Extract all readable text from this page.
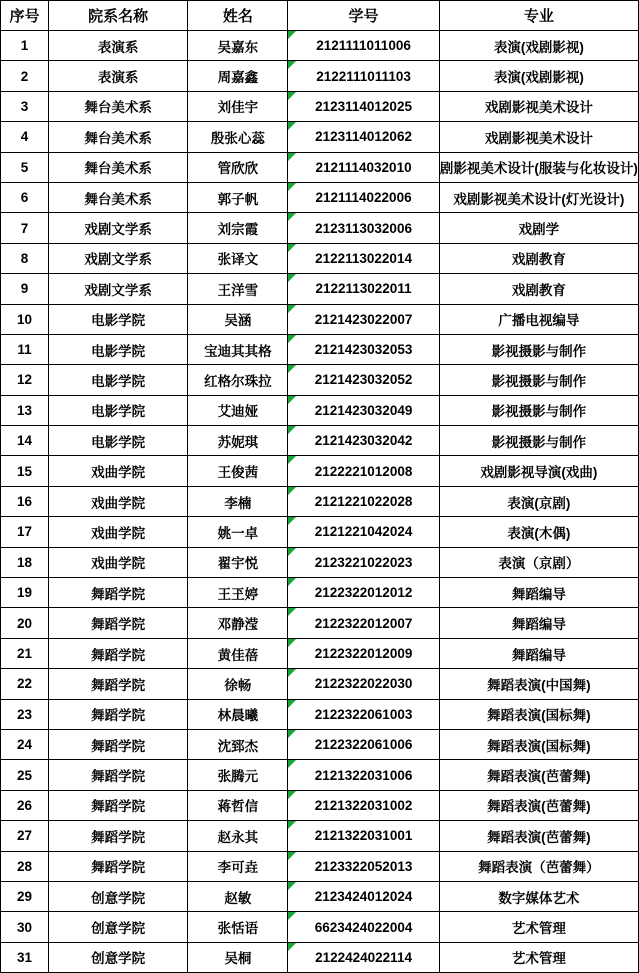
序号	院系名称	姓名	学号	专业
1	表演系	吴嘉东	2121111011006	表演(戏剧影视)
2	表演系	周嘉鑫	2122111011103	表演(戏剧影视)
3	舞台美术系	刘佳宇	2123114012025	戏剧影视美术设计
4	舞台美术系	殷张心蕊	2123114012062	戏剧影视美术设计
5	舞台美术系	管欣欣	2121114032010	剧影视美术设计(服装与化妆设计)
6	舞台美术系	郭子帆	2121114022006	戏剧影视美术设计(灯光设计)
7	戏剧文学系	刘宗霞	2123113032006	戏剧学
8	戏剧文学系	张译文	2122113022014	戏剧教育
9	戏剧文学系	王洋雪	2122113022011	戏剧教育
10	电影学院	吴涵	2121423022007	广播电视编导
11	电影学院	宝迪其其格	2121423032053	影视摄影与制作
12	电影学院	红格尔珠拉	2121423032052	影视摄影与制作
13	电影学院	艾迪娅	2121423032049	影视摄影与制作
14	电影学院	苏妮琪	2121423032042	影视摄影与制作
15	戏曲学院	王俊茜	2122221012008	戏剧影视导演(戏曲)
16	戏曲学院	李楠	2121221022028	表演(京剧)
17	戏曲学院	姚一卓	2121221042024	表演(木偶)
18	戏曲学院	翟宇悦	2123221022023	表演（京剧）
19	舞蹈学院	王玊婷	2122322012012	舞蹈编导
20	舞蹈学院	邓静滢	2122322012007	舞蹈编导
21	舞蹈学院	黄佳蓓	2122322012009	舞蹈编导
22	舞蹈学院	徐畅	2122322022030	舞蹈表演(中国舞)
23	舞蹈学院	林晨曦	2122322061003	舞蹈表演(国标舞)
24	舞蹈学院	沈郅杰	2122322061006	舞蹈表演(国标舞)
25	舞蹈学院	张腾元	2121322031006	舞蹈表演(芭蕾舞)
26	舞蹈学院	蒋哲信	2121322031002	舞蹈表演(芭蕾舞)
27	舞蹈学院	赵永其	2121322031001	舞蹈表演(芭蕾舞)
28	舞蹈学院	李可垚	2123322052013	舞蹈表演（芭蕾舞）
29	创意学院	赵敏	2123424012024	数字媒体艺术
30	创意学院	张恬语	6623424022004	艺术管理
31	创意学院	吴桐	2122424022114	艺术管理
